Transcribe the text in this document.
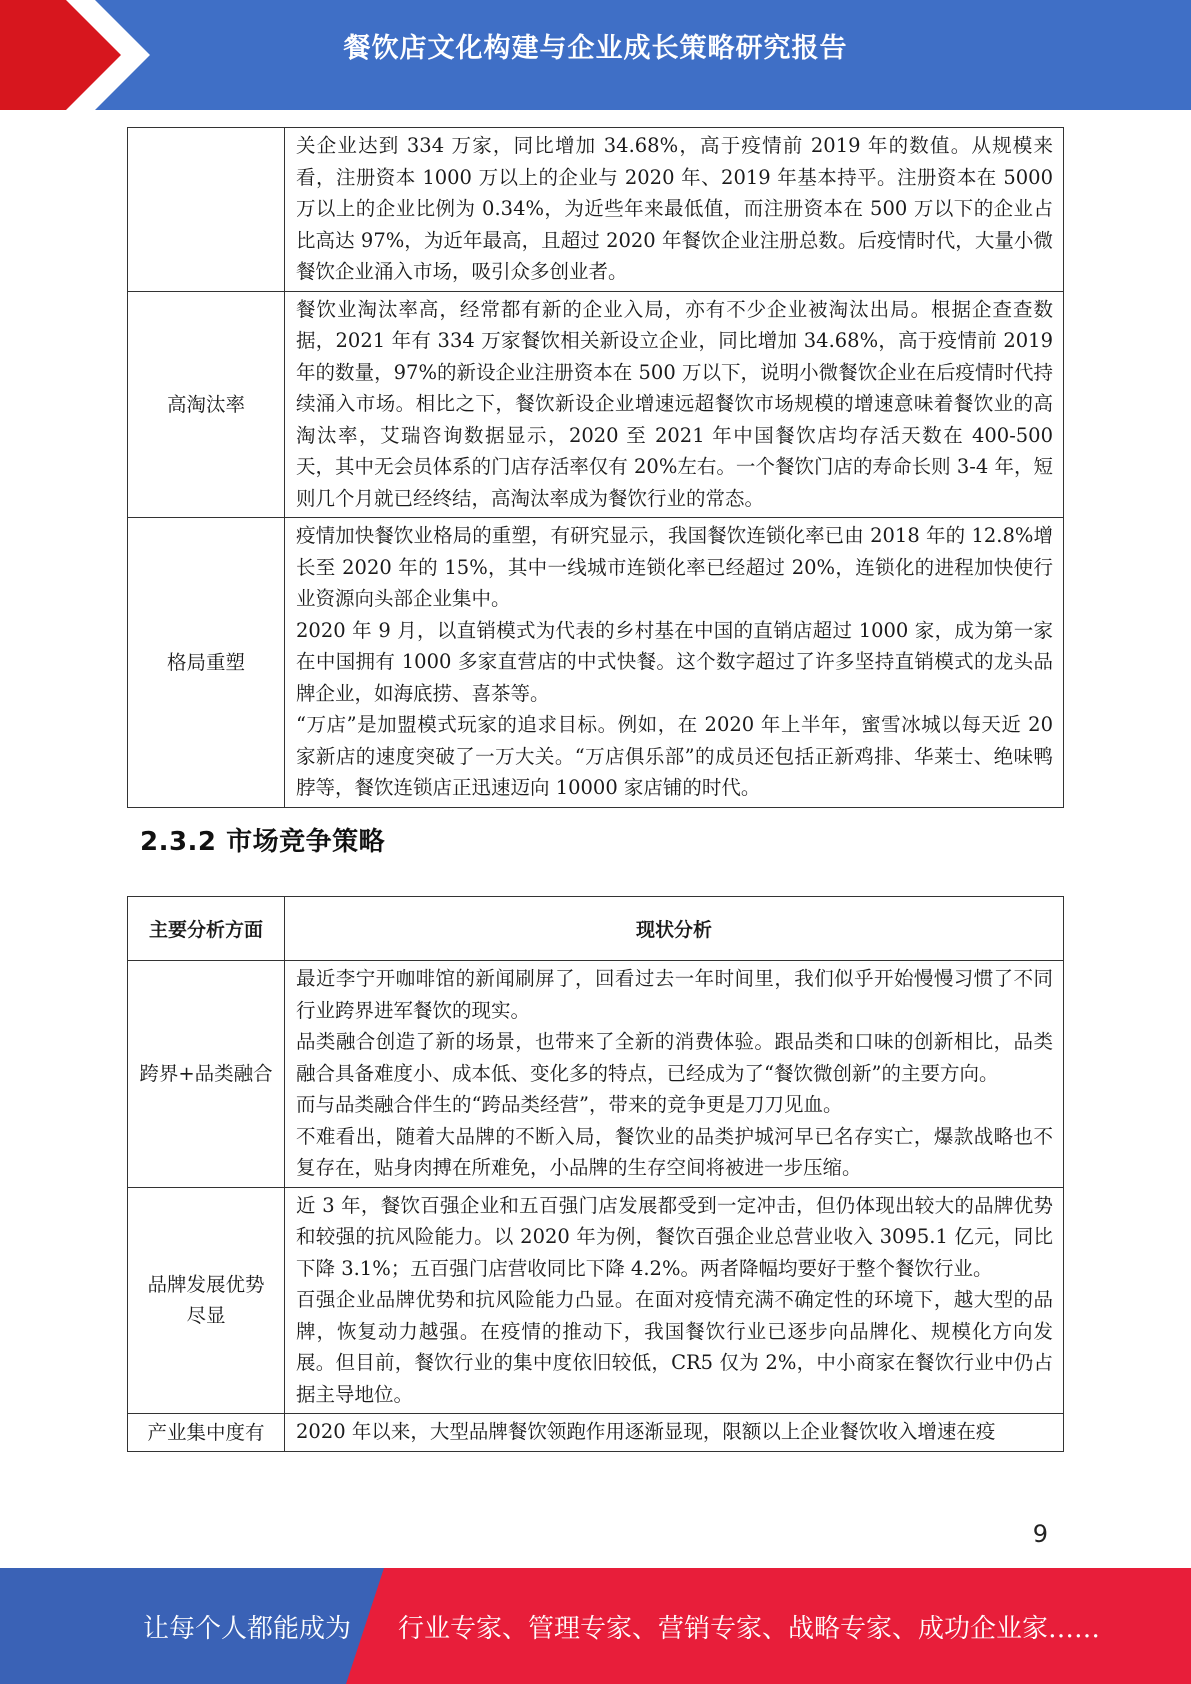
餐饮店文化构建与企业成长策略研究报告

	关企业达到 334 万家，同比增加 34.68%，高于疫情前 2019 年的数值。从规模来看，注册资本 1000 万以上的企业与 2020 年、2019 年基本持平。注册资本在 5000 万以上的企业比例为 0.34%，为近些年来最低值，而注册资本在 500 万以下的企业占比高达 97%，为近年最高，且超过 2020 年餐饮企业注册总数。后疫情时代，大量小微餐饮企业涌入市场，吸引众多创业者。

高淘汰率	餐饮业淘汰率高，经常都有新的企业入局，亦有不少企业被淘汰出局。根据企查查数据，2021 年有 334 万家餐饮相关新设立企业，同比增加 34.68%，高于疫情前 2019 年的数量，97%的新设企业注册资本在 500 万以下，说明小微餐饮企业在后疫情时代持续涌入市场。相比之下，餐饮新设企业增速远超餐饮市场规模的增速意味着餐饮业的高淘汰率，艾瑞咨询数据显示，2020 至 2021 年中国餐饮店均存活天数在 400-500 天，其中无会员体系的门店存活率仅有 20%左右。一个餐饮门店的寿命长则 3-4 年，短则几个月就已经终结，高淘汰率成为餐饮行业的常态。

格局重塑	疫情加快餐饮业格局的重塑，有研究显示，我国餐饮连锁化率已由 2018 年的 12.8%增长至 2020 年的 15%，其中一线城市连锁化率已经超过 20%，连锁化的进程加快使行业资源向头部企业集中。

2020 年 9 月，以直销模式为代表的乡村基在中国的直销店超过 1000 家，成为第一家在中国拥有 1000 多家直营店的中式快餐。这个数字超过了许多坚持直销模式的龙头品牌企业，如海底捞、喜茶等。

“万店”是加盟模式玩家的追求目标。例如，在 2020 年上半年，蜜雪冰城以每天近 20 家新店的速度突破了一万大关。“万店俱乐部”的成员还包括正新鸡排、华莱士、绝味鸭脖等，餐饮连锁店正迅速迈向 10000 家店铺的时代。

2.3.2 市场竞争策略
主要分析方面	现状分析
跨界+品类融合	最近李宁开咖啡馆的新闻刷屏了，回看过去一年时间里，我们似乎开始慢慢习惯了不同行业跨界进军餐饮的现实。

品类融合创造了新的场景，也带来了全新的消费体验。跟品类和口味的创新相比，品类融合具备难度小、成本低、变化多的特点，已经成为了“餐饮微创新”的主要方向。

而与品类融合伴生的“跨品类经营”，带来的竞争更是刀刀见血。

不难看出，随着大品牌的不断入局，餐饮业的品类护城河早已名存实亡，爆款战略也不复存在，贴身肉搏在所难免，小品牌的生存空间将被进一步压缩。

品牌发展优势尽显	近 3 年，餐饮百强企业和五百强门店发展都受到一定冲击，但仍体现出较大的品牌优势和较强的抗风险能力。以 2020 年为例，餐饮百强企业总营业收入 3095.1 亿元，同比下降 3.1%；五百强门店营收同比下降 4.2%。两者降幅均要好于整个餐饮行业。

百强企业品牌优势和抗风险能力凸显。在面对疫情充满不确定性的环境下，越大型的品牌，恢复动力越强。在疫情的推动下，我国餐饮行业已逐步向品牌化、规模化方向发展。但目前，餐饮行业的集中度依旧较低，CR5 仅为 2%，中小商家在餐饮行业中仍占据主导地位。

产业集中度有	2020 年以来，大型品牌餐饮领跑作用逐渐显现，限额以上企业餐饮收入增速在疫

9
让每个人都能成为 行业专家、管理专家、营销专家、战略专家、成功企业家……
